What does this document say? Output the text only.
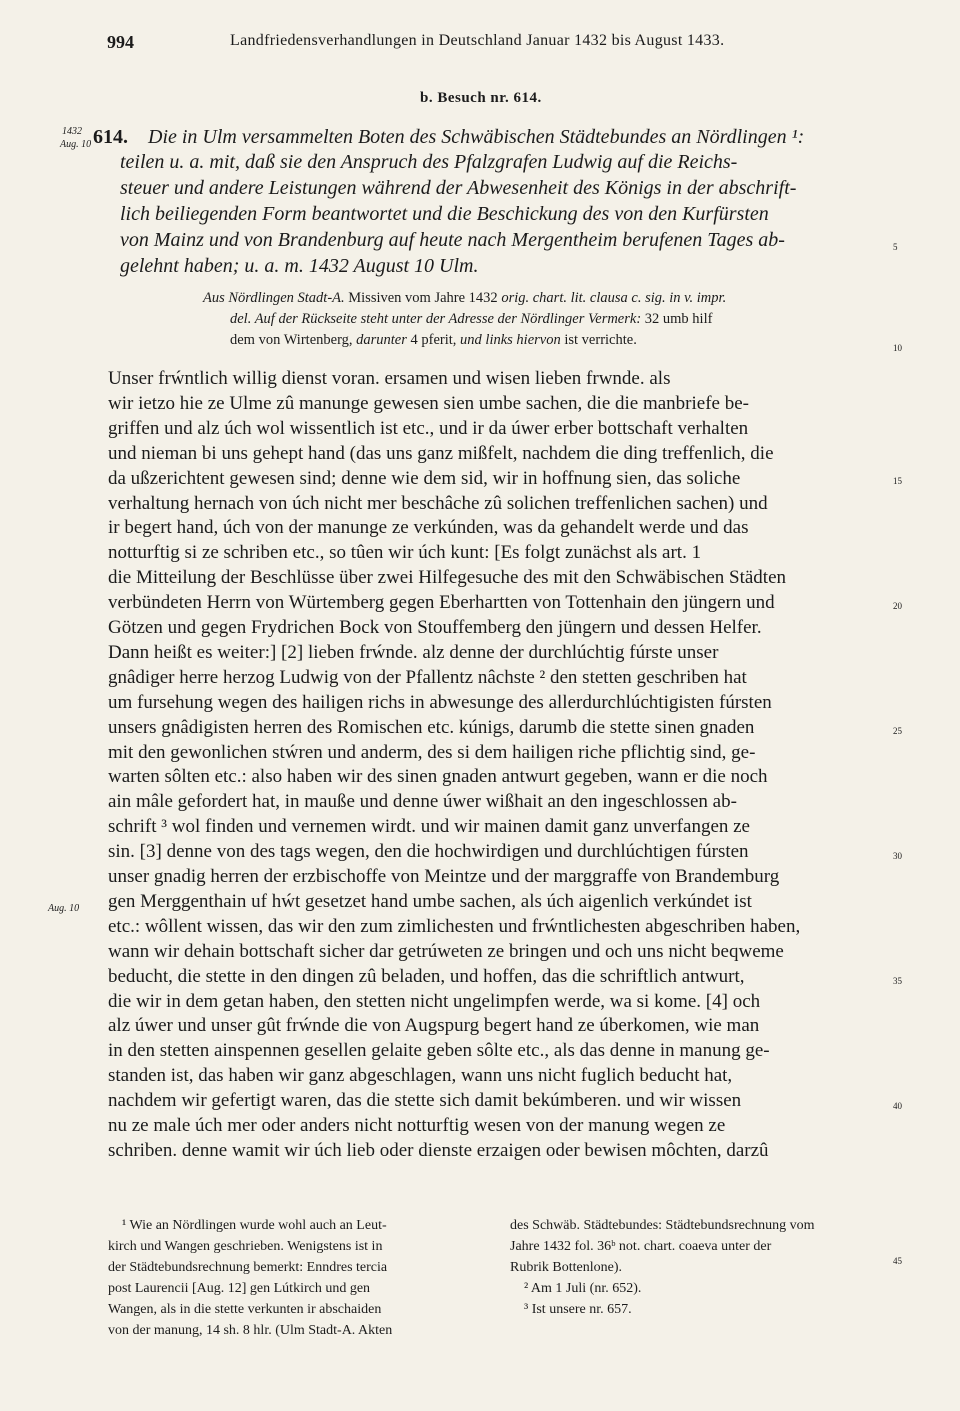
994	Landfriedensverhandlungen in Deutschland Januar 1432 bis August 1433.
b. Besuch nr. 614.
1432
Aug. 10 614. Die in Ulm versammelten Boten des Schwäbischen Städtebundes an Nördlingen ¹:
teilen u. a. mit, daß sie den Anspruch des Pfalzgrafen Ludwig auf die Reichs-
steuer und andere Leistungen während der Abwesenheit des Königs in der abschrift-
lich beiliegenden Form beantwortet und die Beschickung des von den Kurfürsten
von Mainz und von Brandenburg auf heute nach Mergentheim berufenen Tages ab-
gelehnt haben; u. a. m. 1432 August 10 Ulm.
Aus Nördlingen Stadt-A. Missiven vom Jahre 1432 orig. chart. lit. clausa c. sig. in v. impr.
del. Auf der Rückseite steht unter der Adresse der Nördlinger Vermerk: 32 umb hilf
dem von Wirtenberg, darunter 4 pferit, und links hiervon ist verrichte.
Unser frẃntlich willig dienst voran. ersamen und wisen lieben frwnde. als
wir ietzo hie ze Ulme zû manunge gewesen sien umbe sachen, die die manbriefe be-
griffen und alz úch wol wissentlich ist etc., und ir da úwer erber bottschaft verhalten
und nieman bi uns gehept hand (das uns ganz mißfelt, nachdem die ding treffenlich, die
da ußzerichtent gewesen sind; denne wie dem sid, wir in hoffnung sien, das soliche
verhaltung hernach von úch nicht mer beschâche zû solichen treffenlichen sachen) und
ir begert hand, úch von der manunge ze verkúnden, was da gehandelt werde und das
notturftig si ze schriben etc., so tûen wir úch kunt: [Es folgt zunächst als art. 1
die Mitteilung der Beschlüsse über zwei Hilfegesuche des mit den Schwäbischen Städten
verbündeten Herrn von Würtemberg gegen Eberhartten von Tottenhain den jüngern und
Götzen und gegen Frydrichen Bock von Stouffemberg den jüngern und dessen Helfer.
Dann heißt es weiter:] [2] lieben frẃnde. alz denne der durchlúchtig fúrste unser
gnâdiger herre herzog Ludwig von der Pfallentz nâchste ² den stetten geschriben hat
um fursehung wegen des hailigen richs in abwesunge des allerdurchlúchtigisten fúrsten
unsers gnâdigisten herren des Romischen etc. kúnigs, darumb die stette sinen gnaden
mit den gewonlichen stẃren und anderm, des si dem hailigen riche pflichtig sind, ge-
warten sôlten etc.: also haben wir des sinen gnaden antwurt gegeben, wann er die noch
ain mâle gefordert hat, in mauße und denne úwer wißhait an den ingeschlossen ab-
schrift ³ wol finden und vernemen wirdt. und wir mainen damit ganz unverfangen ze
sin. [3] denne von des tags wegen, den die hochwirdigen und durchlúchtigen fúrsten
unser gnadig herren der erzbischoffe von Meintze und der marggraffe von Brandemburg
gen Merggenthain uf hẃt gesetzet hand umbe sachen, als úch aigenlich verkúndet ist
etc.: wôllent wissen, das wir den zum zimlichesten und frẃntlichesten abgeschriben haben,
wann wir dehain bottschaft sicher dar getrúweten ze bringen und och uns nicht beqweme
beducht, die stette in den dingen zû beladen, und hoffen, das die schriftlich antwurt,
die wir in dem getan haben, den stetten nicht ungelimpfen werde, wa si kome. [4] och
alz úwer und unser gût frẃnde die von Augspurg begert hand ze úberkomen, wie man
in den stetten ainspennen gesellen gelaite geben sôlte etc., als das denne in manung ge-
standen ist, das haben wir ganz abgeschlagen, wann uns nicht fuglich beducht hat,
nachdem wir gefertigt waren, das die stette sich damit bekúmberen. und wir wissen
nu ze male úch mer oder anders nicht notturftig wesen von der manung wegen ze
schriben. denne wamit wir úch lieb oder dienste erzaigen oder bewisen môchten, darzû
Aug. 10
5
10
15
20
25
30
35
40
45
¹ Wie an Nördlingen wurde wohl auch an Leut-
kirch und Wangen geschrieben. Wenigstens ist in
der Städtebundsrechnung bemerkt: Enndres tercia
post Laurencii [Aug. 12] gen Lútkirch und gen
Wangen, als in die stette verkunten ir abschaiden
von der manung, 14 sh. 8 hlr. (Ulm Stadt-A. Akten
des Schwäb. Städtebundes: Städtebundsrechnung vom
Jahre 1432 fol. 36ᵇ not. chart. coaeva unter der
Rubrik Bottenlone).
² Am 1 Juli (nr. 652).
³ Ist unsere nr. 657.
